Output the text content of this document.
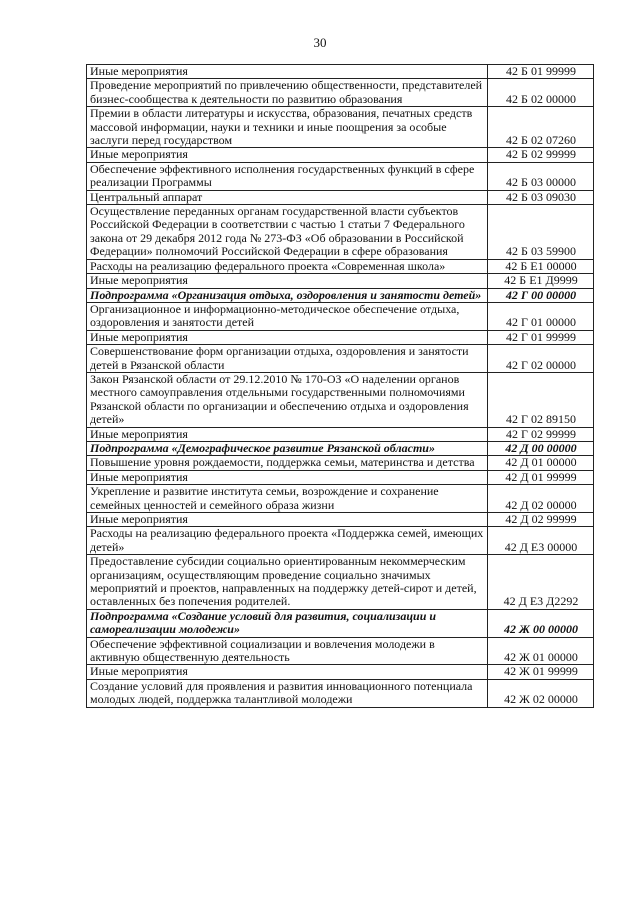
30
Иные мероприятия	42 Б 01 99999
Проведение мероприятий по привлечению общественности, представителей бизнес-сообщества к деятельности по развитию образования	42 Б 02 00000
Премии в области литературы и искусства, образования, печатных средств массовой информации, науки и техники и иные поощрения за особые заслуги перед государством	42 Б 02 07260
Иные мероприятия	42 Б 02 99999
Обеспечение эффективного исполнения государственных функций в сфере реализации Программы	42 Б 03 00000
Центральный аппарат	42 Б 03 09030
Осуществление переданных органам государственной власти субъектов Российской Федерации в соответствии с частью 1 статьи 7 Федерального закона от 29 декабря 2012 года № 273-ФЗ «Об образовании в Российской Федерации» полномочий Российской Федерации в сфере образования	42 Б 03 59900
Расходы на реализацию федерального проекта «Современная школа»	42 Б Е1 00000
Иные мероприятия	42 Б Е1 Д9999
Подпрограмма «Организация отдыха, оздоровления и занятости детей»	42 Г 00 00000
Организационное и информационно-методическое обеспечение отдыха, оздоровления и занятости детей	42 Г 01 00000
Иные мероприятия	42 Г 01 99999
Совершенствование форм организации отдыха, оздоровления и занятости детей в Рязанской области	42 Г 02 00000
Закон Рязанской области от 29.12.2010 № 170-ОЗ «О наделении органов местного самоуправления отдельными государственными полномочиями Рязанской области по организации и обеспечению отдыха и оздоровления детей»	42 Г 02 89150
Иные мероприятия	42 Г 02 99999
Подпрограмма «Демографическое развитие Рязанской области»	42 Д 00 00000
Повышение уровня рождаемости, поддержка семьи, материнства и детства	42 Д 01 00000
Иные мероприятия	42 Д 01 99999
Укрепление и развитие института семьи, возрождение и сохранение семейных ценностей и семейного образа жизни	42 Д 02 00000
Иные мероприятия	42 Д 02 99999
Расходы на реализацию федерального проекта «Поддержка семей, имеющих детей»	42 Д Е3 00000
Предоставление субсидии социально ориентированным некоммерческим организациям, осуществляющим проведение социально значимых мероприятий и проектов, направленных на поддержку детей-сирот и детей, оставленных без попечения родителей.	42 Д Е3 Д2292
Подпрограмма «Создание условий для развития, социализации и самореализации молодежи»	42 Ж 00 00000
Обеспечение эффективной социализации и вовлечения молодежи в активную общественную деятельность	42 Ж 01 00000
Иные мероприятия	42 Ж 01 99999
Создание условий для проявления и развития инновационного потенциала молодых людей, поддержка талантливой молодежи	42 Ж 02 00000
